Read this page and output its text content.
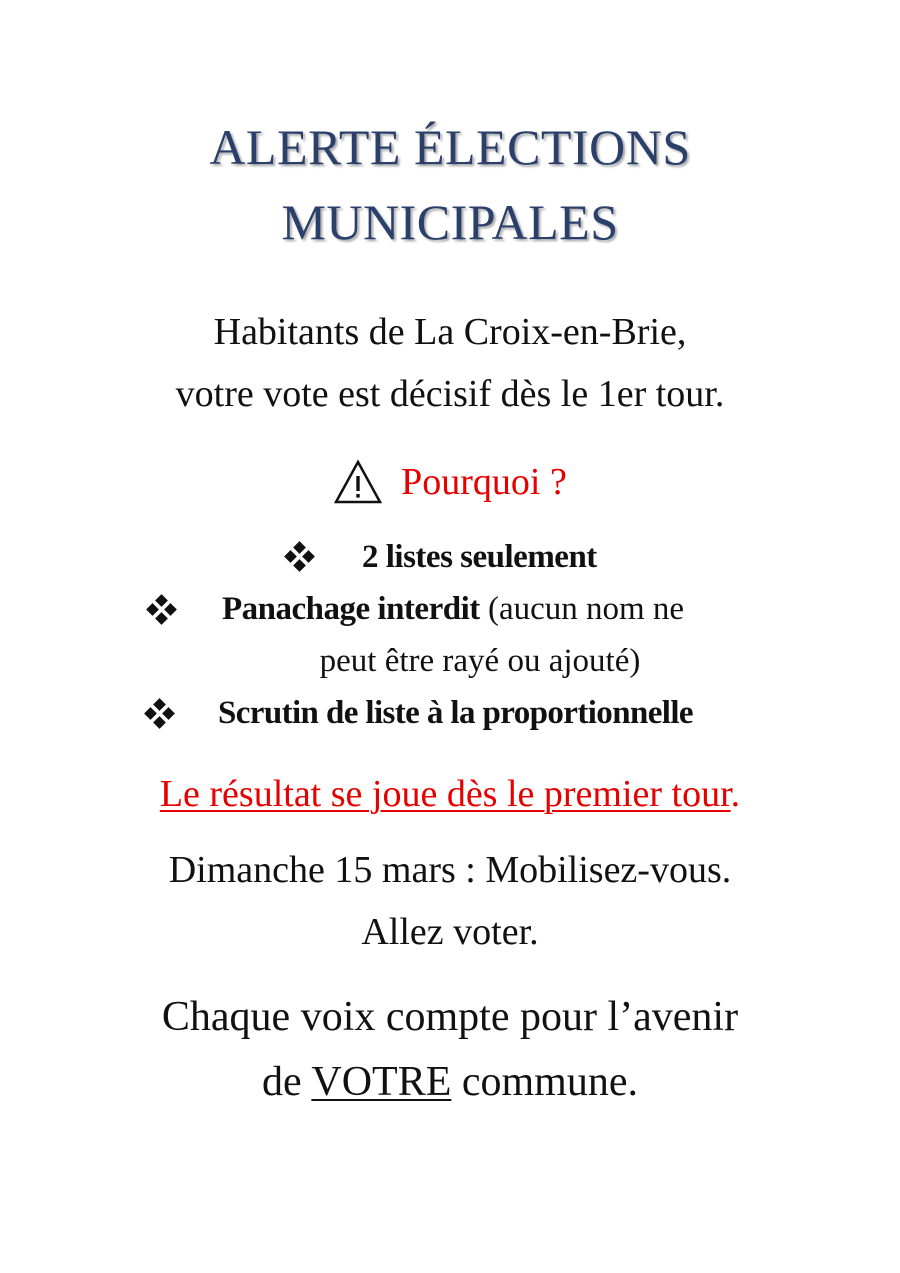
ALERTE ÉLECTIONS
MUNICIPALES
Habitants de La Croix-en-Brie,
votre vote est décisif dès le 1er tour.
Pourquoi ?
2 listes seulement
Panachage interdit (aucun nom ne
peut être rayé ou ajouté)
Scrutin de liste à la proportionnelle
Le résultat se joue dès le premier tour.
Dimanche 15 mars : Mobilisez-vous.
Allez voter.
Chaque voix compte pour l’avenir
de VOTRE commune.
